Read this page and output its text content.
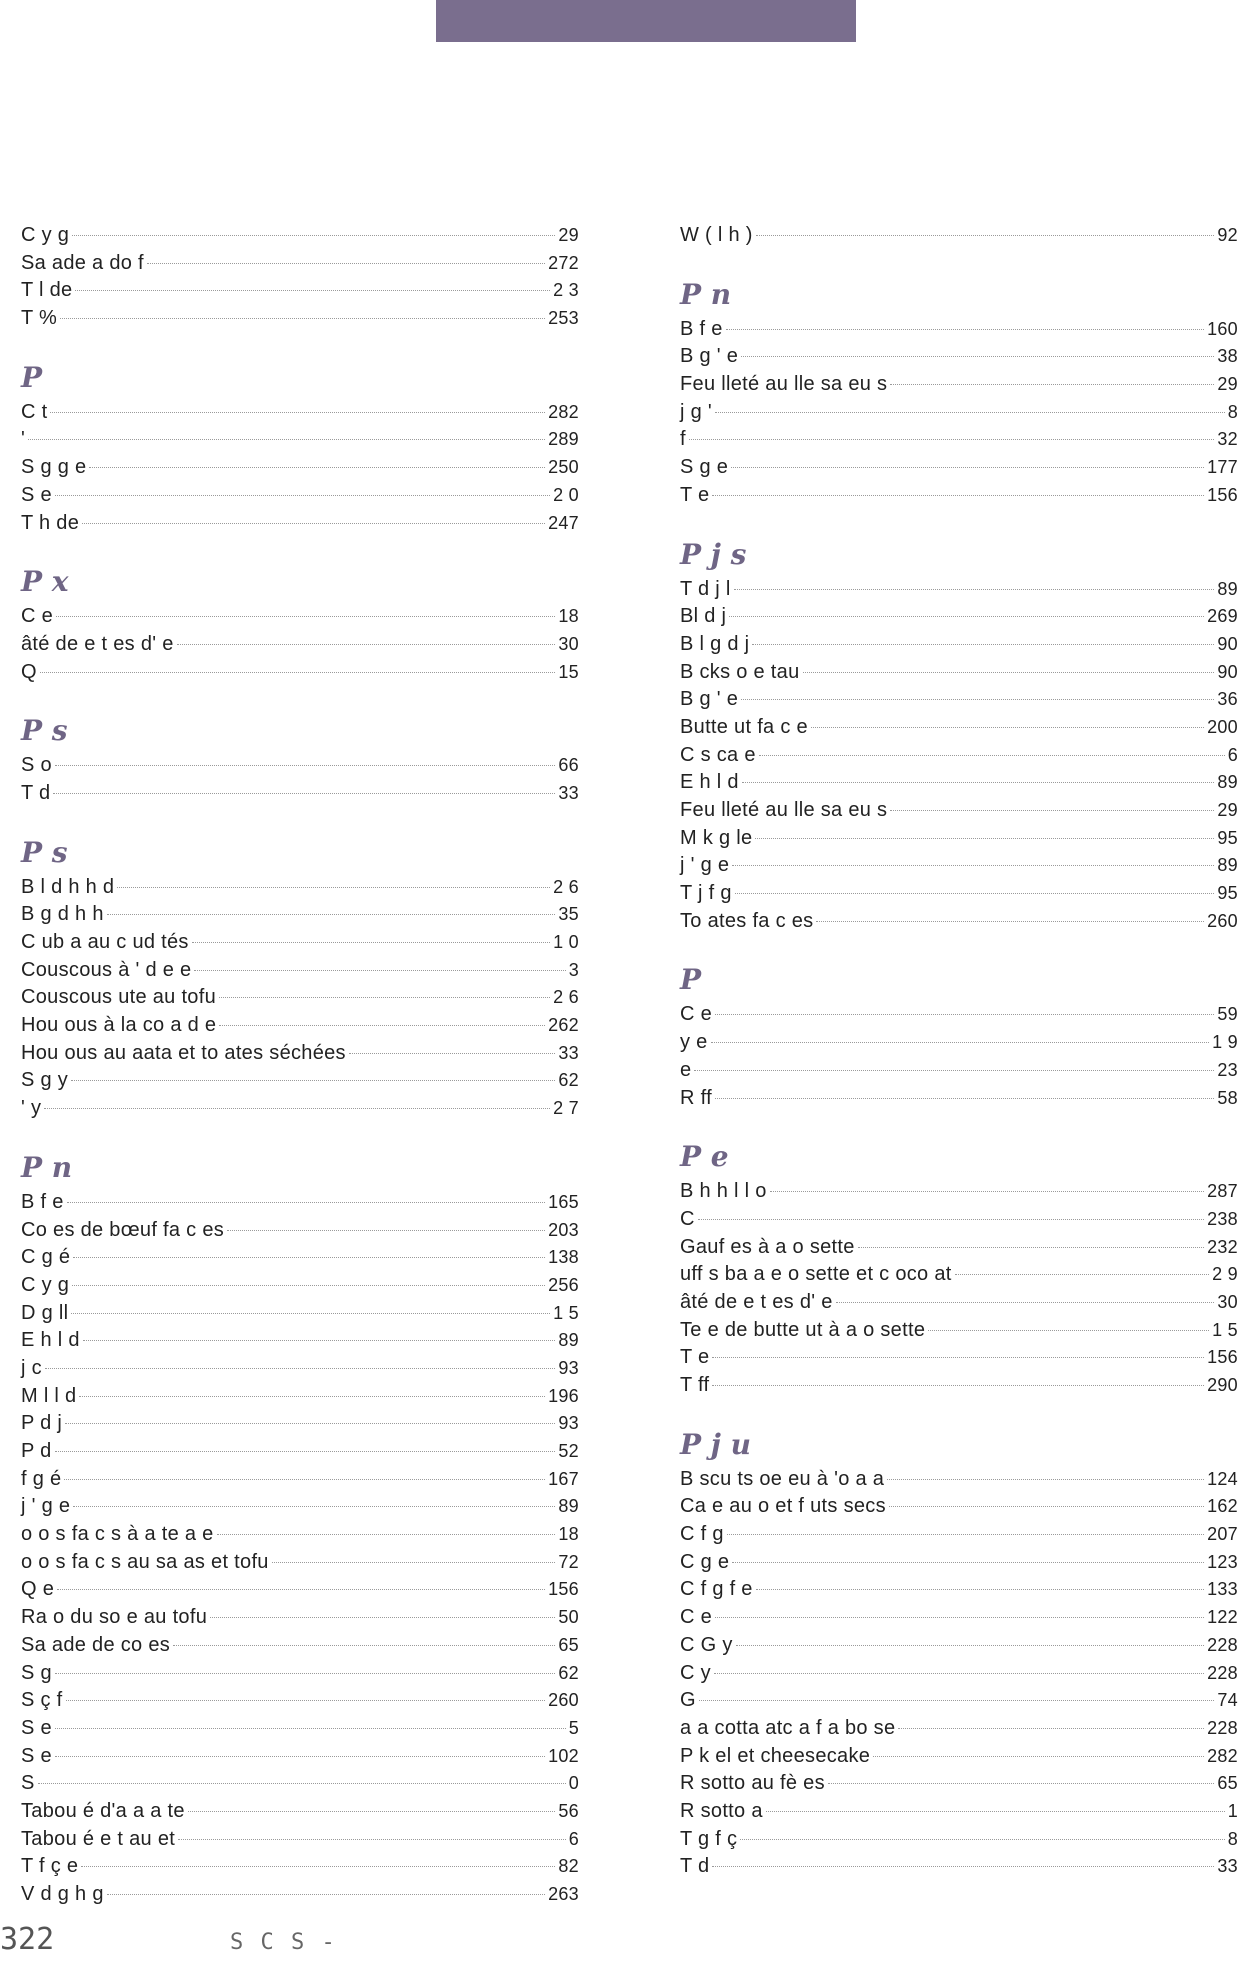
C y g	29
Sa ade a do f	272
T l de	2 3
T %	253
P
C t	282
'	289
S g g e	250
S e	2 0
T h de	247
P x
C e	18
âté de e t es d' e	30
Q	15
P s
S o	66
T d	33
P s
B l d h h d	2 6
B g d h h	35
C ub a au c ud tés	1 0
Couscous à ' d e e	3
Couscous ute au tofu	2 6
Hou ous à la co a d e	262
Hou ous au aata et to ates séchées	33
S g y	62
' y	2 7
P n
B f e	165
Co es de bœuf fa c es	203
C g é	138
C y g	256
D g ll	1 5
E h l d	89
j c	93
M l l d	196
P d j	93
P d	52
f g é	167
j ' g e	89
o o s fa c s à a te a e	18
o o s fa c s au sa as et tofu	72
Q e	156
Ra o du so e au tofu	50
Sa ade de co es	65
S g	62
S ç f	260
S e	5
S e	102
S	0
Tabou é d'a a a te	56
Tabou é e t au et	6
T f ç e	82
V d g h g	263
W ( l h )	92
P n
B f e	160
B g ' e	38
Feu lleté au lle sa eu s	29
j g '	8
f	32
S g e	177
T e	156
P j s
T d j l	89
Bl d j	269
B l g d j	90
B cks o e tau	90
B g ' e	36
Butte ut fa c e	200
C s ca e	6
E h l d	89
Feu lleté au lle sa eu s	29
M k g le	95
j ' g e	89
T j f g	95
To ates fa c es	260
P
C e	59
y e	1 9
e	23
R ff	58
P e
B h h l l o	287
C	238
Gauf es à a o sette	232
uff s ba a e o sette et c oco at	2 9
âté de e t es d' e	30
Te e de butte ut à a o sette	1 5
T e	156
T ff	290
P j u
B scu ts oe eu à 'o a a	124
Ca e au o et f uts secs	162
C f g	207
C g e	123
C f g f e	133
C e	122
C G y	228
C y	228
G	74
a a cotta atc a f a bo se	228
P k el et cheesecake	282
R sotto au fè es	65
R sotto a	1
T g f ç	8
T d	33
322	S C S -
